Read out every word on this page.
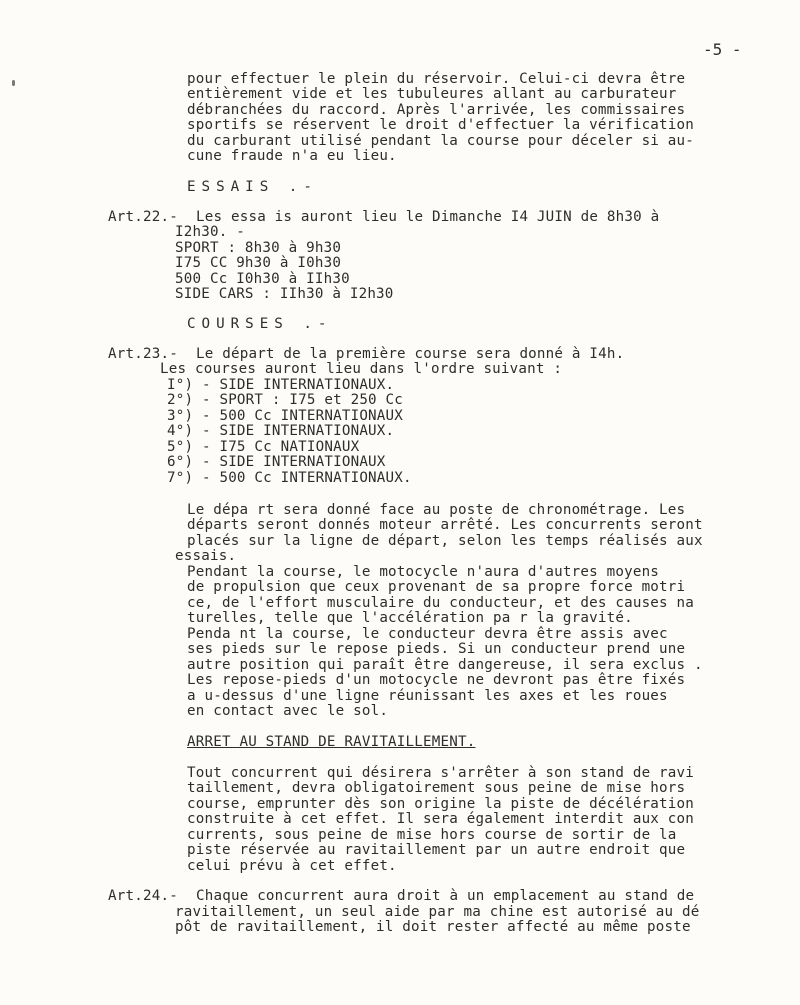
-5 -
pour effectuer le plein du réservoir. Celui-ci devra être
entièrement vide et les tubuleures allant au carburateur
débranchées du raccord. Après l'arrivée, les commissaires
sportifs se réservent le droit d'effectuer la vérification
du carburant utilisé pendant la course pour déceler si au-
cune fraude n'a eu lieu.
ESSAIS .-
Art.22.- Les essa is auront lieu le Dimanche I4 JUIN de 8h30 à
I2h30. -
SPORT : 8h30 à 9h30
I75 CC 9h30 à I0h30
500 Cc I0h30 à IIh30
SIDE CARS : IIh30 à I2h30
COURSES .-
Art.23.- Le départ de la première course sera donné à I4h.
Les courses auront lieu dans l'ordre suivant :
I°) - SIDE INTERNATIONAUX.
2°) - SPORT : I75 et 250 Cc
3°) - 500 Cc INTERNATIONAUX
4°) - SIDE INTERNATIONAUX.
5°) - I75 Cc NATIONAUX
6°) - SIDE INTERNATIONAUX
7°) - 500 Cc INTERNATIONAUX.
Le dépa rt sera donné face au poste de chronométrage. Les
départs seront donnés moteur arrêté. Les concurrents seront
placés sur la ligne de départ, selon les temps réalisés aux
essais.
Pendant la course, le motocycle n'aura d'autres moyens
de propulsion que ceux provenant de sa propre force motri
ce, de l'effort musculaire du conducteur, et des causes na
turelles, telle que l'accélération pa r la gravité.
Penda nt la course, le conducteur devra être assis avec
ses pieds sur le repose pieds. Si un conducteur prend une
autre position qui paraît être dangereuse, il sera exclus .
Les repose-pieds d'un motocycle ne devront pas être fixés
a u-dessus d'une ligne réunissant les axes et les roues
en contact avec le sol.
ARRET AU STAND DE RAVITAILLEMENT.
Tout concurrent qui désirera s'arrêter à son stand de ravi
taillement, devra obligatoirement sous peine de mise hors
course, emprunter dès son origine la piste de décélération
construite à cet effet. Il sera également interdit aux con
currents, sous peine de mise hors course de sortir de la
piste réservée au ravitaillement par un autre endroit que
celui prévu à cet effet.
Art.24.- Chaque concurrent aura droit à un emplacement au stand de
ravitaillement, un seul aide par ma chine est autorisé au dé
pôt de ravitaillement, il doit rester affecté au même poste
